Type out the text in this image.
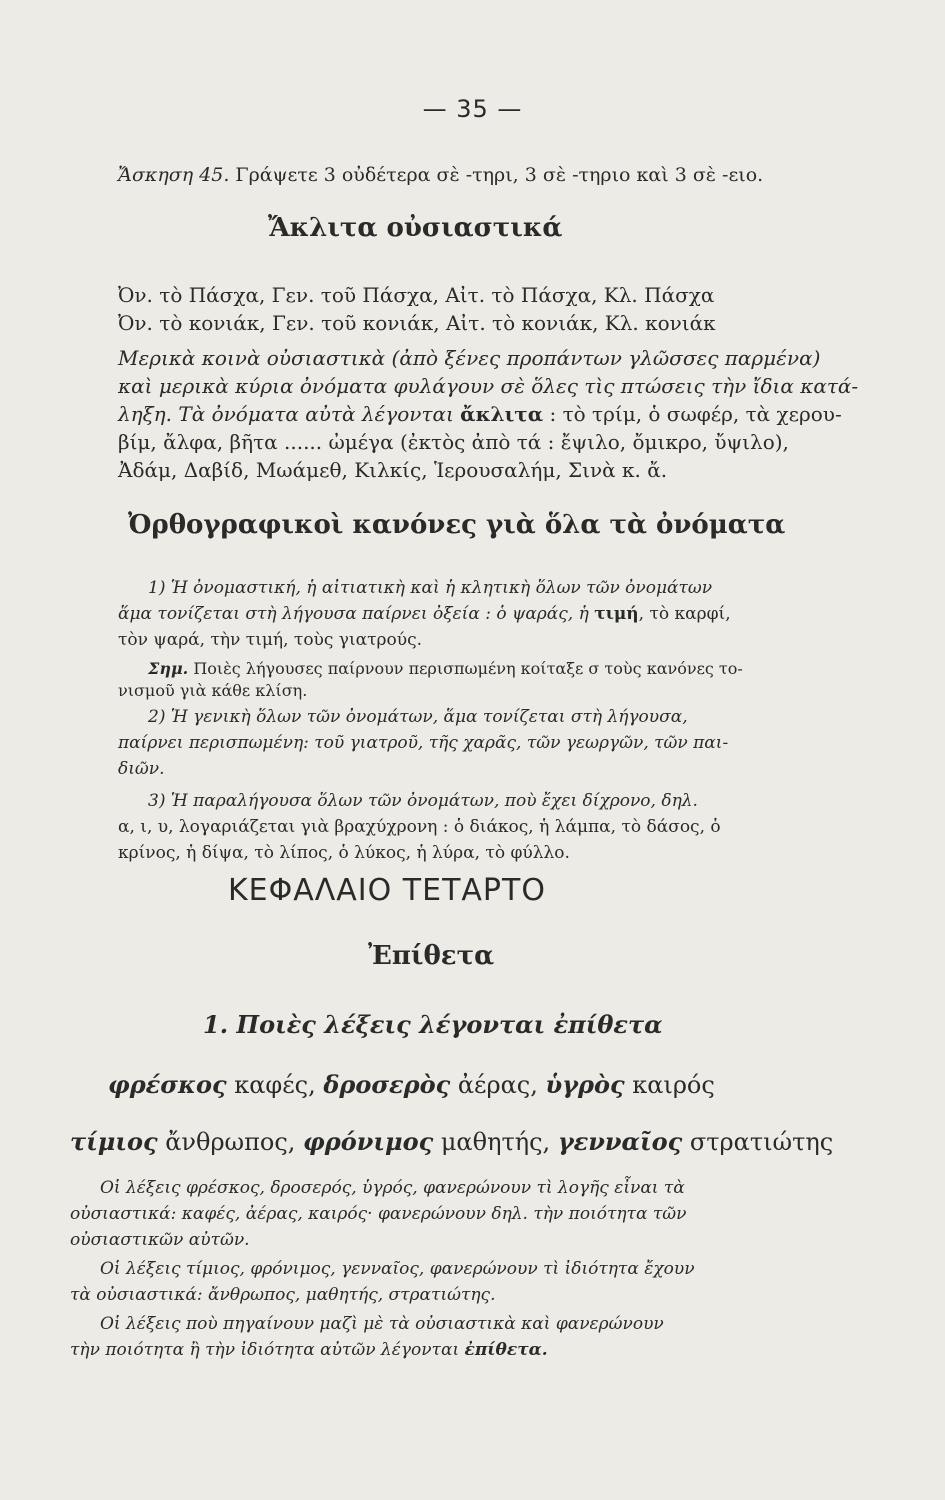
— 35 —
Ἄσκηση 45. Γράψετε 3 οὐδέτερα σὲ -τηρι, 3 σὲ -τηριο καὶ 3 σὲ -ειο.
Ἄκλιτα οὐσιαστικά
Ὀν. τὸ Πάσχα, Γεν. τοῦ Πάσχα, Αἰτ. τὸ Πάσχα, Κλ. Πάσχα
Ὀν. τὸ κονιάκ, Γεν. τοῦ κονιάκ, Αἰτ. τὸ κονιάκ, Κλ. κονιάκ
Μερικὰ κοινὰ οὐσιαστικὰ (ἀπὸ ξένες προπάντων γλῶσσες παρμένα)
καὶ μερικὰ κύρια ὀνόματα φυλάγουν σὲ ὅλες τὶς πτώσεις τὴν ἴδια κατά-
ληξη. Τὰ ὀνόματα αὐτὰ λέγονται ἄκλιτα : τὸ τρίμ, ὁ σωφέρ, τὰ χερου-
βίμ, ἄλφα, βῆτα ...... ὠμέγα (ἐκτὸς ἀπὸ τά : ἔψιλο, ὄμικρο, ὔψιλο),
Ἀδάμ, Δαβίδ, Μωάμεθ, Κιλκίς, Ἱερουσαλήμ, Σινὰ κ. ἄ.
Ὀρθογραφικοὶ κανόνες γιὰ ὅλα τὰ ὀνόματα
1) Ἡ ὀνομαστική, ἡ αἰτιατικὴ καὶ ἡ κλητικὴ ὅλων τῶν ὀνομάτων
ἅμα τονίζεται στὴ λήγουσα παίρνει ὀξεία : ὁ ψαράς, ἡ τιμή, τὸ καρφί,
τὸν ψαρά, τὴν τιμή, τοὺς γιατρούς.
Σημ. Ποιὲς λήγουσες παίρνουν περισπωμένη κοίταξε σ τοὺς κανόνες το-
νισμοῦ γιὰ κάθε κλίση.
2) Ἡ γενικὴ ὅλων τῶν ὀνομάτων, ἅμα τονίζεται στὴ λήγουσα,
παίρνει περισπωμένη: τοῦ γιατροῦ, τῆς χαρᾶς, τῶν γεωργῶν, τῶν παι-
διῶν.
3) Ἡ παραλήγουσα ὅλων τῶν ὀνομάτων, ποὺ ἔχει δίχρονο, δηλ.
α, ι, υ, λογαριάζεται γιὰ βραχύχρονη : ὁ διάκος, ἡ λάμπα, τὸ δάσος, ὁ
κρίνος, ἡ δίψα, τὸ λίπος, ὁ λύκος, ἡ λύρα, τὸ φύλλο.
ΚΕΦΑΛΑΙΟ ΤΕΤΑΡΤΟ
Ἐπίθετα
1. Ποιὲς λέξεις λέγονται ἐπίθετα
φρέσκος καφές, δροσερὸς ἀέρας, ὑγρὸς καιρός
τίμιος ἄνθρωπος, φρόνιμος μαθητής, γενναῖος στρατιώτης
Οἱ λέξεις φρέσκος, δροσερός, ὑγρός, φανερώνουν τὶ λογῆς εἶναι τὰ
οὐσιαστικά: καφές, ἀέρας, καιρός· φανερώνουν δηλ. τὴν ποιότητα τῶν
οὐσιαστικῶν αὐτῶν.
Οἱ λέξεις τίμιος, φρόνιμος, γενναῖος, φανερώνουν τὶ ἰδιότητα ἔχουν
τὰ οὐσιαστικά: ἄνθρωπος, μαθητής, στρατιώτης.
Οἱ λέξεις ποὺ πηγαίνουν μαζὶ μὲ τὰ οὐσιαστικὰ καὶ φανερώνουν
τὴν ποιότητα ἢ τὴν ἰδιότητα αὐτῶν λέγονται ἐπίθετα.
